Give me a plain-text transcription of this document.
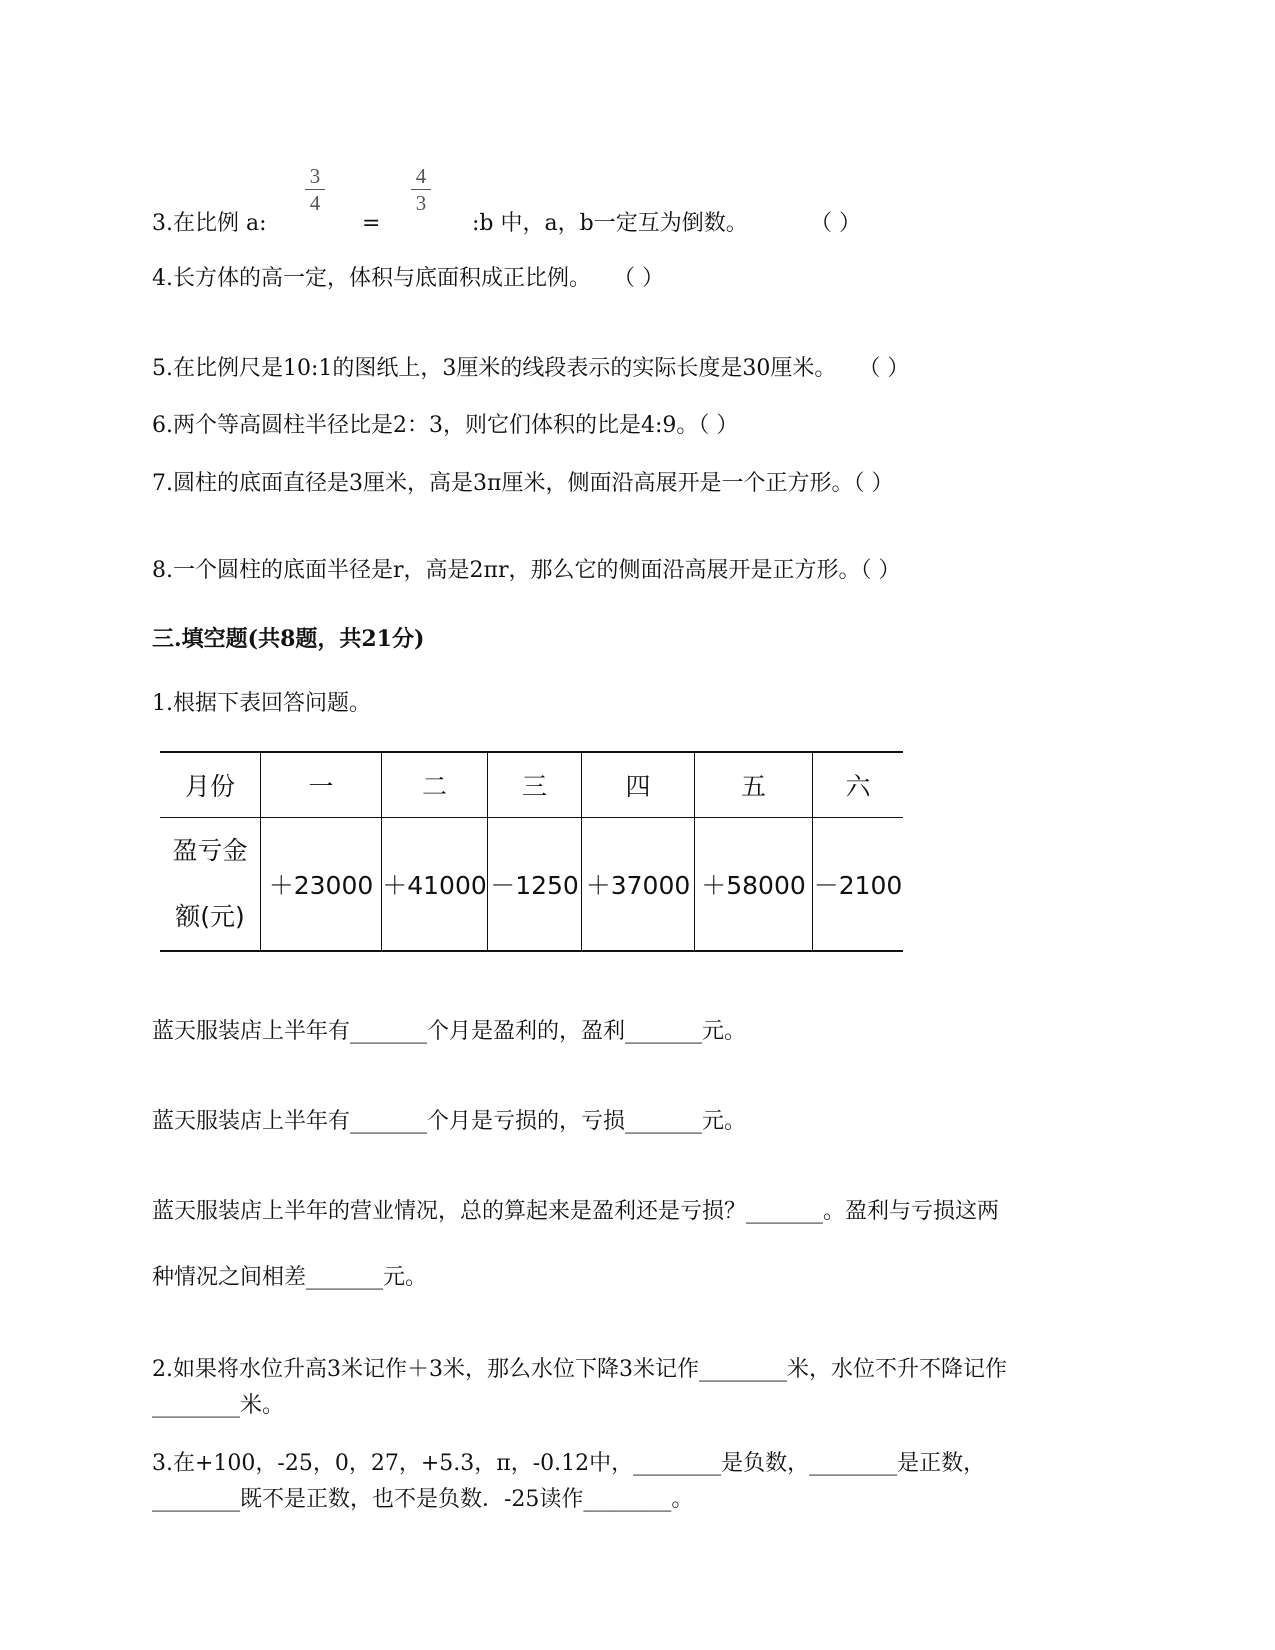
3
4
4
3
3.在比例 a:	=	:b 中，a，b一定互为倒数。	（ ）
4.长方体的高一定，体积与底面积成正比例。　　（ ）
5.在比例尺是10:1的图纸上，3厘米的线段表示的实际长度是30厘米。　　（ ）
6.两个等高圆柱半径比是2：3，则它们体积的比是4:9。（ ）
7.圆柱的底面直径是3厘米，高是3π厘米，侧面沿高展开是一个正方形。（ ）
8.一个圆柱的底面半径是r，高是2πr，那么它的侧面沿高展开是正方形。（ ）
三.填空题(共8题，共21分)
1.根据下表回答问题。
月份	一	二	三	四	五	六
盈亏金
额(元)	＋23000	＋41000	－1250	＋37000	＋58000	－2100
蓝天服装店上半年有_______个月是盈利的，盈利_______元。
蓝天服装店上半年有_______个月是亏损的，亏损_______元。
蓝天服装店上半年的营业情况，总的算起来是盈利还是亏损？_______。盈利与亏损这两
种情况之间相差_______元。
2.如果将水位升高3米记作＋3米，那么水位下降3米记作________米，水位不升不降记作
________米。
3.在+100，-25，0，27，+5.3，π，-0.12中，________是负数，________是正数，
________既不是正数，也不是负数．-25读作________。
